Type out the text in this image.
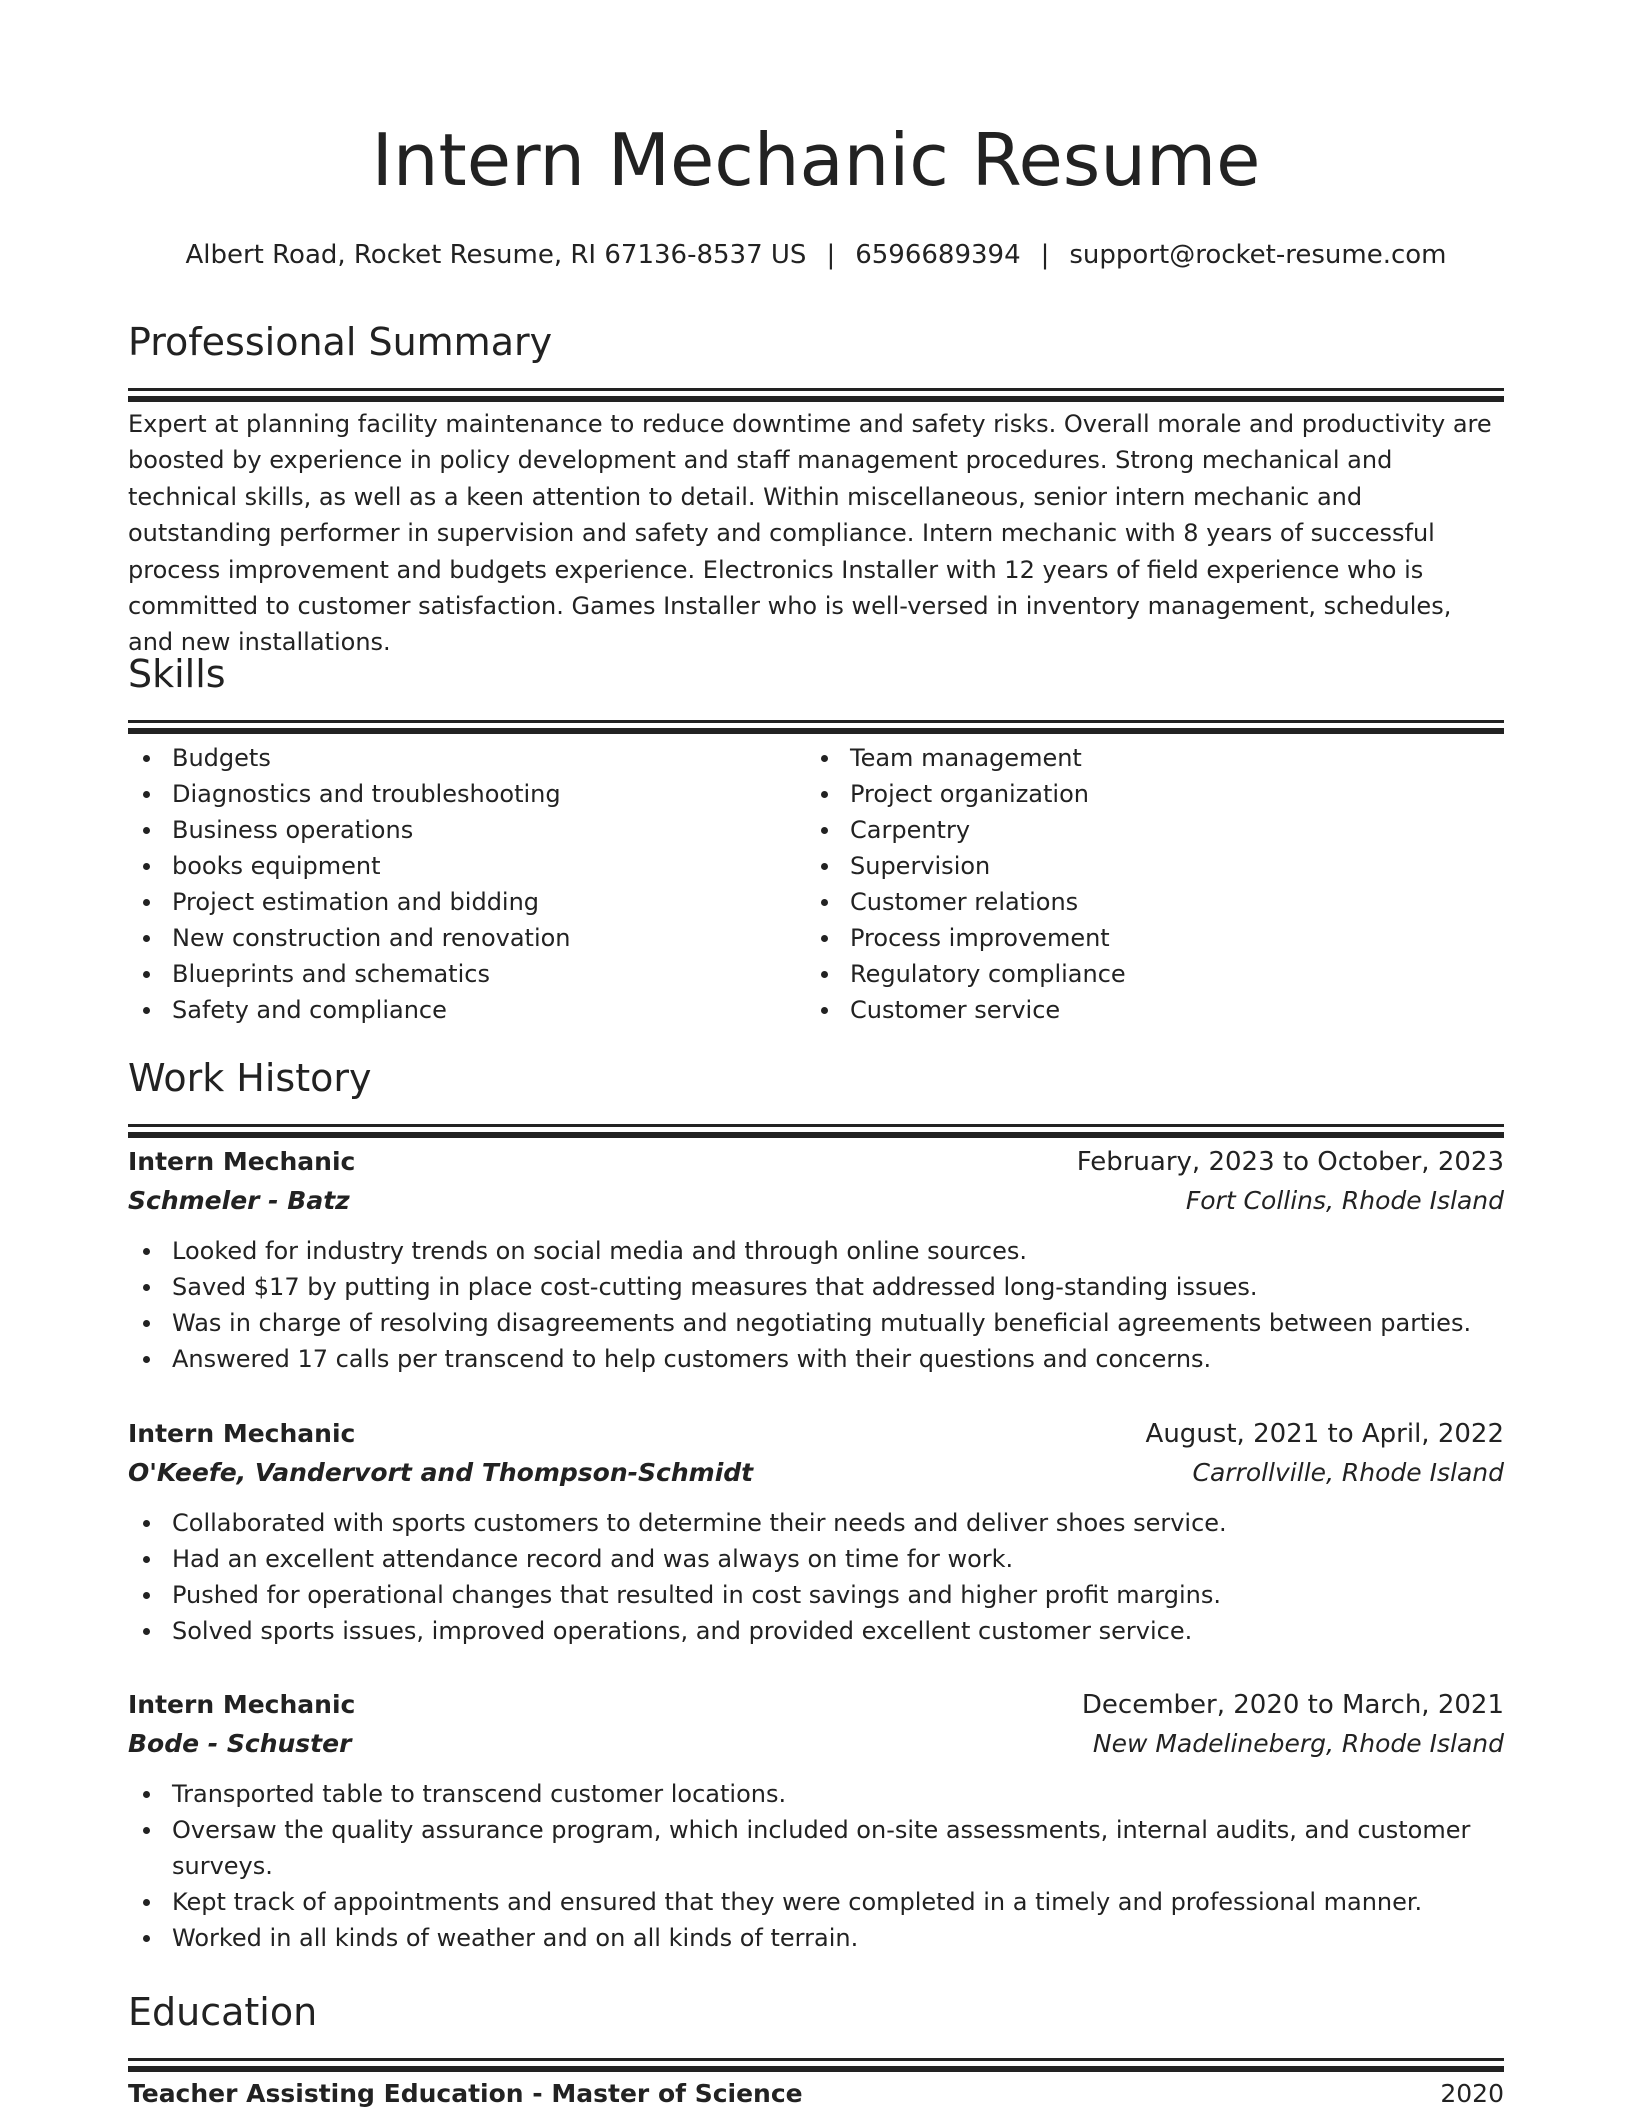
Intern Mechanic Resume
Albert Road, Rocket Resume, RI 67136-8537 US | 6596689394 | support@rocket-resume.com
Professional Summary

Expert at planning facility maintenance to reduce downtime and safety risks. Overall morale and productivity are boosted by experience in policy development and staff management procedures. Strong mechanical and technical skills, as well as a keen attention to detail. Within miscellaneous, senior intern mechanic and outstanding performer in supervision and safety and compliance. Intern mechanic with 8 years of successful process improvement and budgets experience. Electronics Installer with 12 years of field experience who is committed to customer satisfaction. Games Installer who is well-versed in inventory management, schedules, and new installations.

Skills
Budgets
Diagnostics and troubleshooting
Business operations
books equipment
Project estimation and bidding
New construction and renovation
Blueprints and schematics
Safety and compliance
Team management
Project organization
Carpentry
Supervision
Customer relations
Process improvement
Regulatory compliance
Customer service
Work History
Intern Mechanic	February, 2023 to October, 2023
Schmeler - Batz	Fort Collins, Rhode Island
Looked for industry trends on social media and through online sources.
Saved $17 by putting in place cost-cutting measures that addressed long-standing issues.
Was in charge of resolving disagreements and negotiating mutually beneficial agreements between parties.
Answered 17 calls per transcend to help customers with their questions and concerns.
Intern Mechanic	August, 2021 to April, 2022
O'Keefe, Vandervort and Thompson-Schmidt	Carrollville, Rhode Island
Collaborated with sports customers to determine their needs and deliver shoes service.
Had an excellent attendance record and was always on time for work.
Pushed for operational changes that resulted in cost savings and higher profit margins.
Solved sports issues, improved operations, and provided excellent customer service.
Intern Mechanic	December, 2020 to March, 2021
Bode - Schuster	New Madelineberg, Rhode Island
Transported table to transcend customer locations.
Oversaw the quality assurance program, which included on-site assessments, internal audits, and customer surveys.
Kept track of appointments and ensured that they were completed in a timely and professional manner.
Worked in all kinds of weather and on all kinds of terrain.
Education
Teacher Assisting Education - Master of Science	2020
